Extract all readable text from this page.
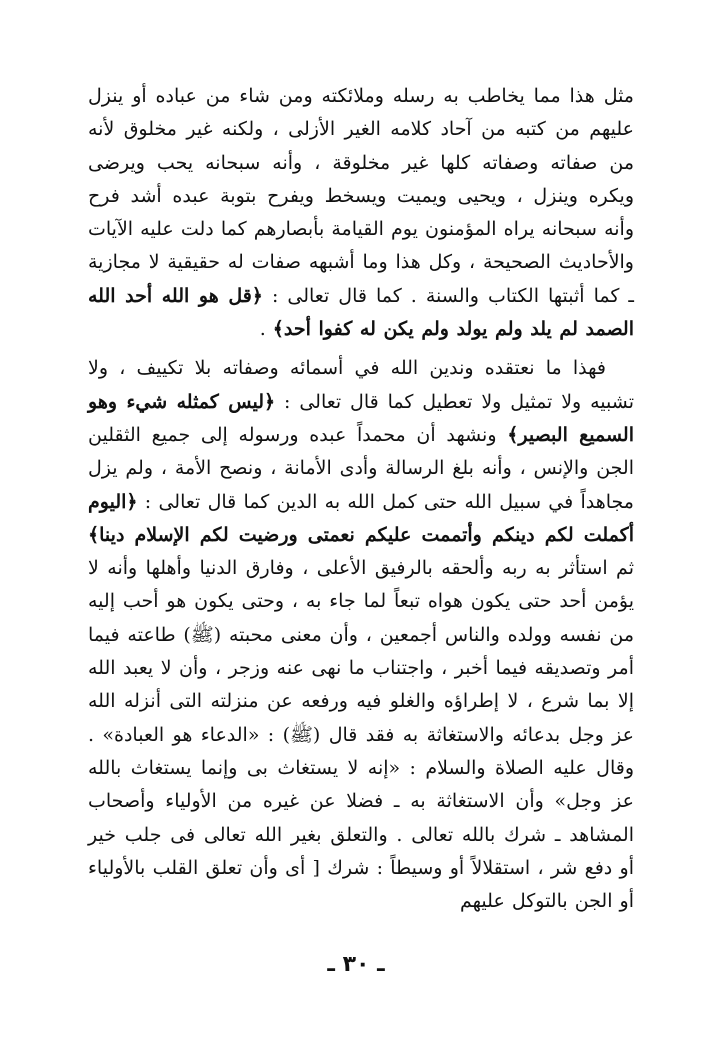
مثل هذا مما يخاطب به رسله وملائكته ومن شاء من عباده أو ينزل عليهم من كتبه من آحاد كلامه الغير الأزلى ، ولكنه غير مخلوق لأنه من صفاته وصفاته كلها غير مخلوقة ، وأنه سبحانه يحب ويرضى ويكره وينزل ، ويحيى ويميت ويسخط ويفرح بتوبة عبده أشد فرح وأنه سبحانه يراه المؤمنون يوم القيامة بأبصارهم كما دلت عليه الآيات والأحاديث الصحيحة ، وكل هذا وما أشبهه صفات له حقيقية لا مجازية ـ كما أثبتها الكتاب والسنة . كما قال تعالى : ﴿قل هو الله أحد الله الصمد لم يلد ولم يولد ولم يكن له كفوا أحد﴾ .

فهذا ما نعتقده وندين الله في أسمائه وصفاته بلا تكييف ، ولا تشبيه ولا تمثيل ولا تعطيل كما قال تعالى : ﴿ليس كمثله شيء وهو السميع البصير﴾ ونشهد أن محمداً عبده ورسوله إلى جميع الثقلين الجن والإنس ، وأنه بلغ الرسالة وأدى الأمانة ، ونصح الأمة ، ولم يزل مجاهداً في سبيل الله حتى كمل الله به الدين كما قال تعالى : ﴿اليوم أكملت لكم دينكم وأتممت عليكم نعمتى ورضيت لكم الإسلام دينا﴾ ثم استأثر به ربه وألحقه بالرفيق الأعلى ، وفارق الدنيا وأهلها وأنه لا يؤمن أحد حتى يكون هواه تبعاً لما جاء به ، وحتى يكون هو أحب إليه من نفسه وولده والناس أجمعين ، وأن معنى محبته (ﷺ) طاعته فيما أمر وتصديقه فيما أخبر ، واجتناب ما نهى عنه وزجر ، وأن لا يعبد الله إلا بما شرع ، لا إطراؤه والغلو فيه ورفعه عن منزلته التى أنزله الله عز وجل بدعائه والاستغاثة به فقد قال (ﷺ) : «الدعاء هو العبادة» . وقال عليه الصلاة والسلام : «إنه لا يستغاث بى وإنما يستغاث بالله عز وجل» وأن الاستغاثة به ـ فضلا عن غيره من الأولياء وأصحاب المشاهد ـ شرك بالله تعالى . والتعلق بغير الله تعالى فى جلب خير أو دفع شر ، استقلالاً أو وسيطاً : شرك [ أى وأن تعلق القلب بالأولياء أو الجن بالتوكل عليهم

ـ ٣٠ ـ
